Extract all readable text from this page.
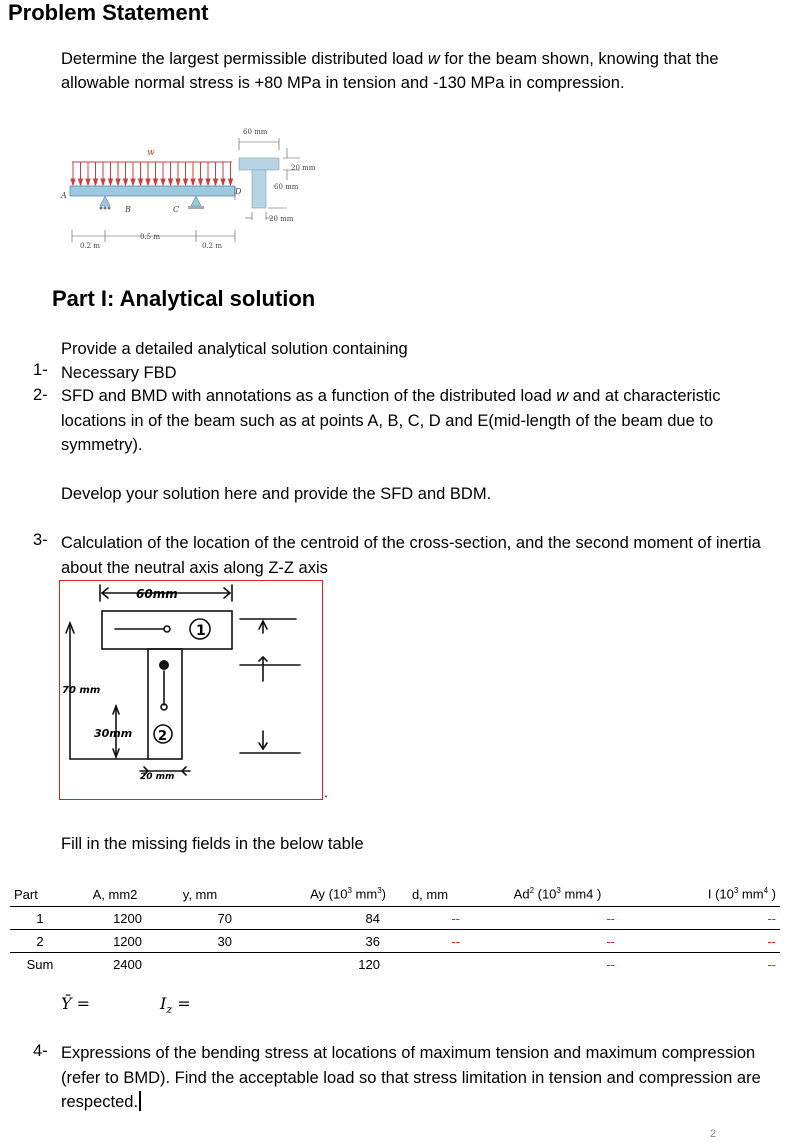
Problem Statement
Determine the largest permissible distributed load w for the beam shown, knowing that the
allowable normal stress is +80 MPa in tension and -130 MPa in compression.
w
A
B	C
D
0.2 m
0.5 m
0.2 m
60 mm
20 mm
60 mm
20 mm
Part I: Analytical solution
Provide a detailed analytical solution containing
1- Necessary FBD
2- SFD and BMD with annotations as a function of the distributed load w and at characteristic locations in of the beam such as at points A, B, C, D and E(mid-length of the beam due to symmetry).
Develop your solution here and provide the SFD and BDM.
3- Calculation of the location of the centroid of the cross-section, and the second moment of inertia about the neutral axis along Z-Z axis
.
1
2
60mm
70 mm
30mm
20 mm
Fill in the missing fields in the below table
Part	A, mm2	y, mm	Ay ($10^3$ $mm^3$)	d, mm	Ad$^2$ ($10^3$ mm4 )	I ($10^3$ $mm^4$ )
1	1200	70	84	--	--	--
2	1200	30	36	--	--	--
Sum	2400		120		--	--
Ȳ =	$I_z$ =
4- Expressions of the bending stress at locations of maximum tension and maximum compression (refer to BMD). Find the acceptable load so that stress limitation in tension and compression are respected.
2
